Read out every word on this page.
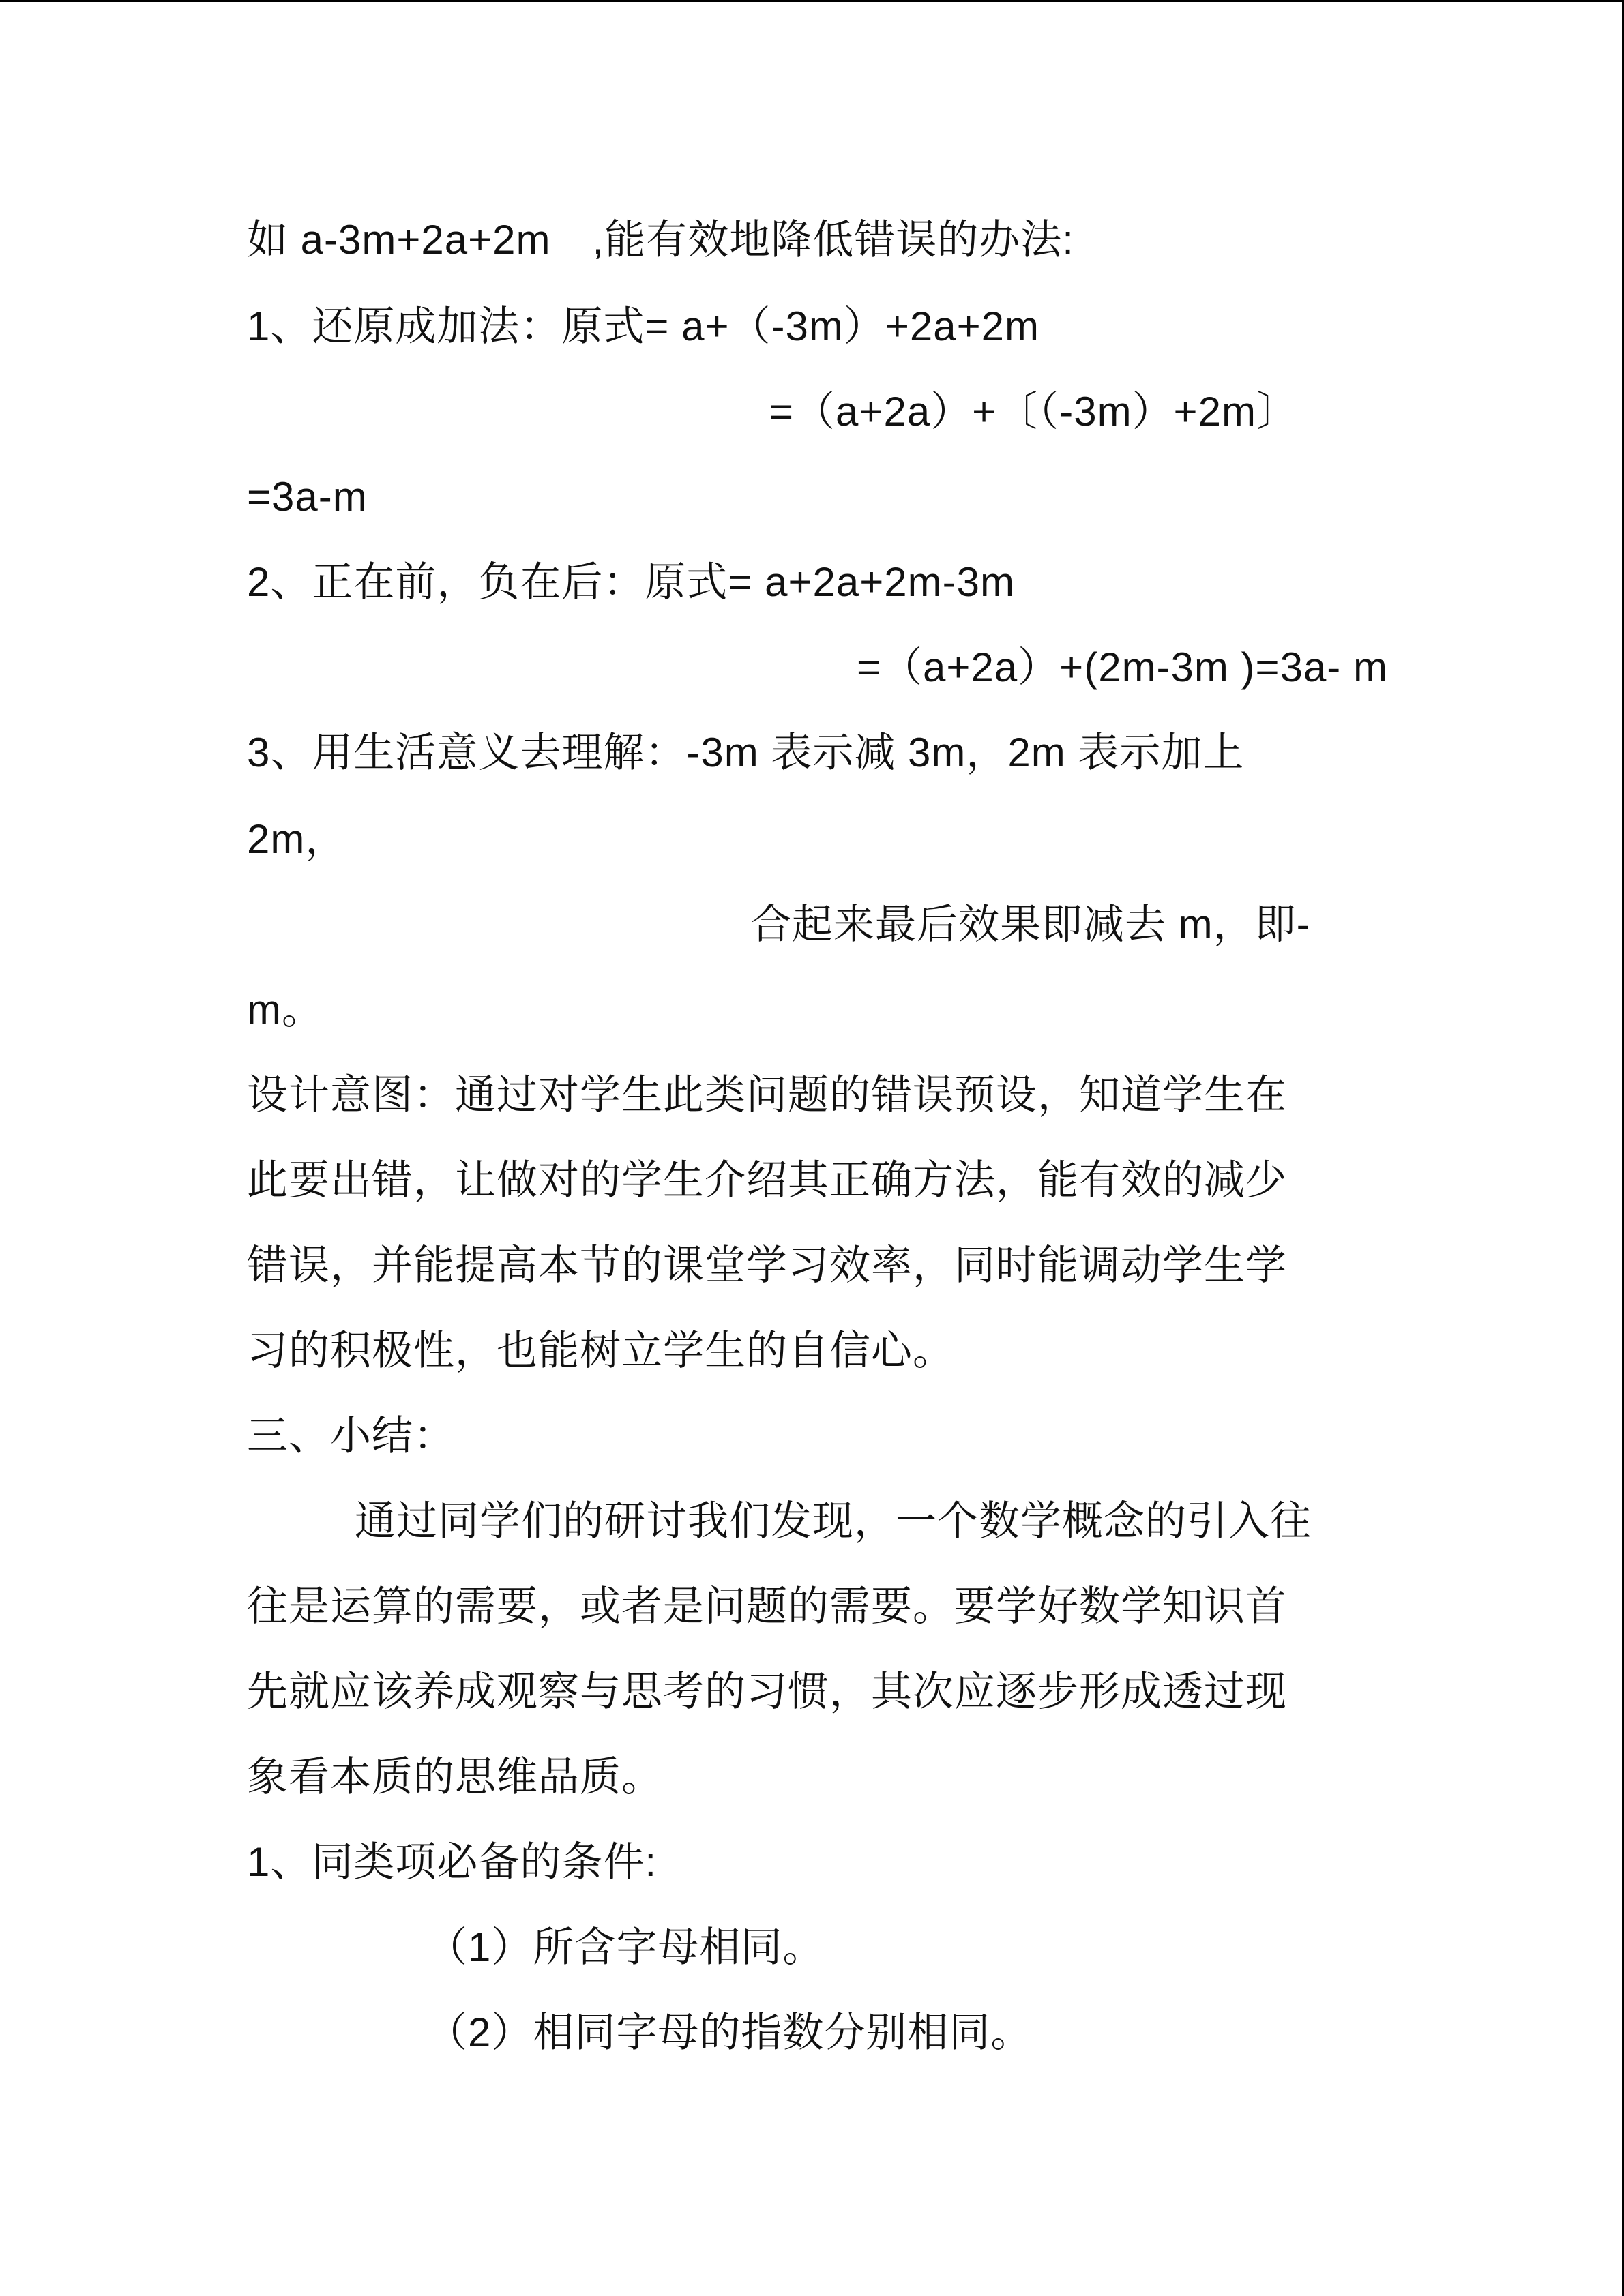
如 a-3m+2a+2m　,能有效地降低错误的办法:
1、还原成加法：原式= a+（-3m）+2a+2m
=（a+2a）+〔（-3m）+2m〕
=3a-m
2、正在前，负在后：原式= a+2a+2m-3m
=（a+2a）+(2m-3m )=3a- m
3、用生活意义去理解：-3m 表示减 3m，2m 表示加上
2m，
合起来最后效果即减去 m，即-
m。
设计意图：通过对学生此类问题的错误预设，知道学生在
此要出错，让做对的学生介绍其正确方法，能有效的减少
错误，并能提高本节的课堂学习效率，同时能调动学生学
习的积极性，也能树立学生的自信心。
三、小结：
通过同学们的研讨我们发现，一个数学概念的引入往
往是运算的需要，或者是问题的需要。要学好数学知识首
先就应该养成观察与思考的习惯，其次应逐步形成透过现
象看本质的思维品质。
1、同类项必备的条件:
（1）所含字母相同。
（2）相同字母的指数分别相同。
